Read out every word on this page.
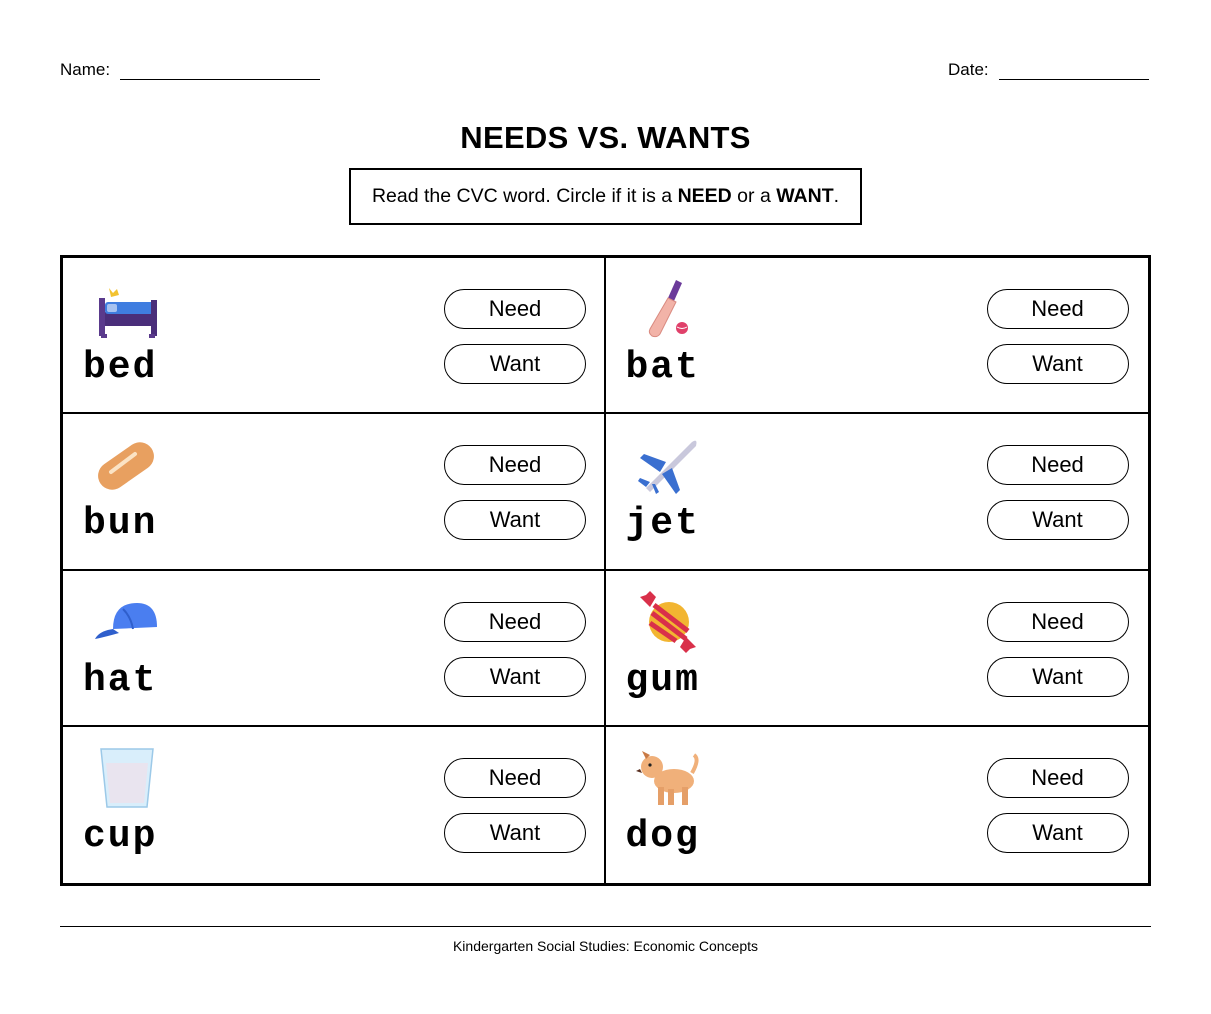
Name:	Date:
NEEDS VS. WANTS
Read the CVC word. Circle if it is a NEED or a WANT .
bed
Need
Want	bat
Need
Want
bun
Need
Want	jet
Need
Want
hat
Need
Want	gum
Need
Want
cup
Need
Want	dog
Need
Want
Kindergarten Social Studies: Economic Concepts
